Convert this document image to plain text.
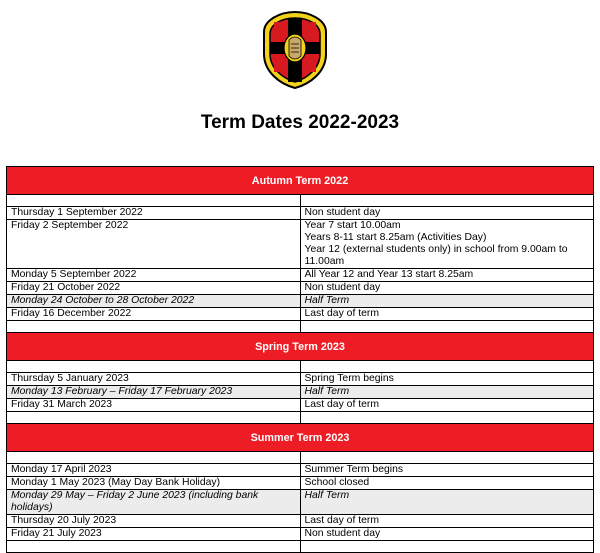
Term Dates 2022-2023
Autumn Term 2022	

Thursday 1 September 2022	Non student day

Friday 2 September 2022	Year 7 start 10.00am
Years 8-11 start 8.25am (Activities Day)
Year 12 (external students only) in school from 9.00am to 11.00am

Monday 5 September 2022	All Year 12 and Year 13 start 8.25am

Friday 21 October 2022	Non student day

Monday 24 October to 28 October 2022	Half Term

Friday 16 December 2022	Last day of term

Spring Term 2023	

Thursday 5 January 2023	Spring Term begins

Monday 13 February – Friday 17 February 2023	Half Term

Friday 31 March 2023	Last day of term

Summer Term 2023	

Monday 17 April 2023	Summer Term begins

Monday 1 May 2023 (May Day Bank Holiday)	School closed

Monday 29 May – Friday 2 June 2023 (including bank holidays)	Half Term

Thursday 20 July 2023	Last day of term

Friday 21 July 2023	Non student day
